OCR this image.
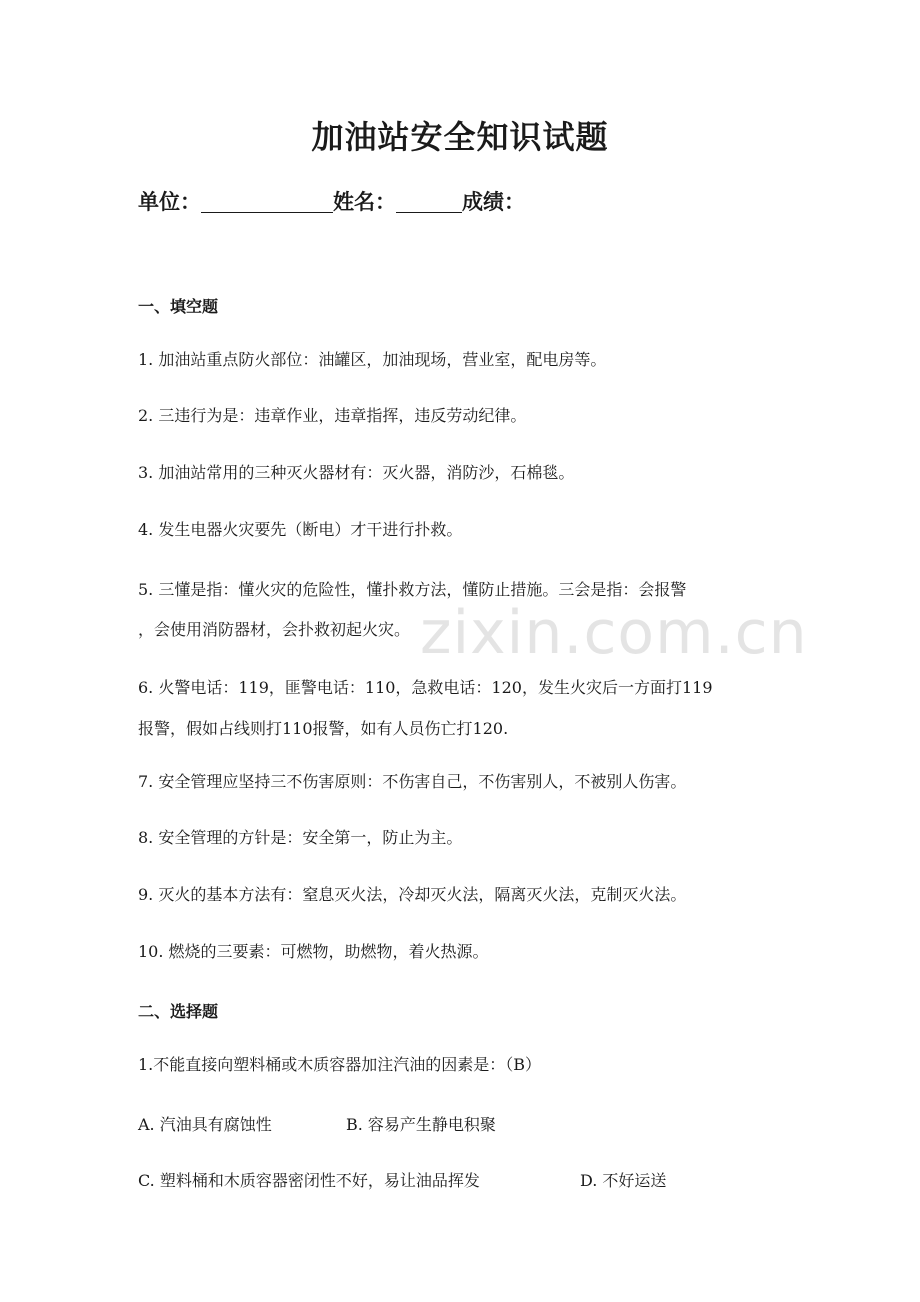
zixin.com.cn
加油站安全知识试题
单位：	姓名：	成绩：
一、填空题
1. 加油站重点防火部位：油罐区，加油现场，营业室，配电房等。
2. 三违行为是：违章作业，违章指挥，违反劳动纪律。
3. 加油站常用的三种灭火器材有：灭火器，消防沙，石棉毯。
4. 发生电器火灾要先（断电）才干进行扑救。
5. 三懂是指：懂火灾的危险性，懂扑救方法，懂防止措施。三会是指：会报警
，会使用消防器材，会扑救初起火灾。
6. 火警电话：119，匪警电话：110，急救电话：120，发生火灾后一方面打119
报警，假如占线则打110报警，如有人员伤亡打120.
7. 安全管理应坚持三不伤害原则：不伤害自己，不伤害别人，不被别人伤害。
8. 安全管理的方针是：安全第一，防止为主。
9. 灭火的基本方法有：窒息灭火法，冷却灭火法，隔离灭火法，克制灭火法。
10. 燃烧的三要素：可燃物，助燃物，着火热源。
二、选择题
1.不能直接向塑料桶或木质容器加注汽油的因素是：（B）
A. 汽油具有腐蚀性	B. 容易产生静电积聚
C. 塑料桶和木质容器密闭性不好，易让油品挥发	D. 不好运送
